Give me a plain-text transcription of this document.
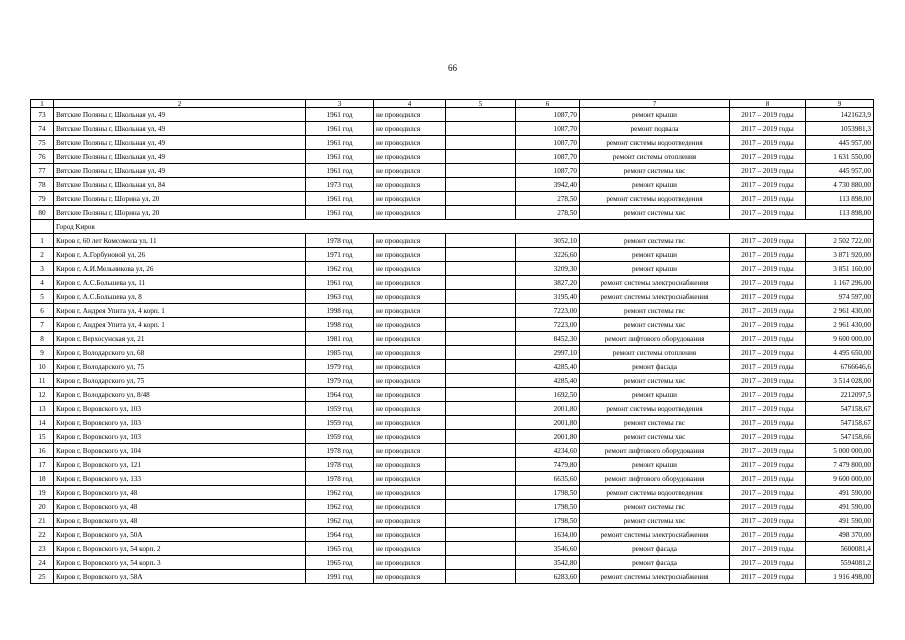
66
1	2	3	4	5	6	7	8	9
73	Вятские Поляны г, Школьная ул, 49	1961 год	не проводился		1087,70	ремонт крыши	2017 – 2019 годы	1421623,9
74	Вятские Поляны г, Школьная ул, 49	1961 год	не проводился		1087,70	ремонт подвала	2017 – 2019 годы	1053981,3
75	Вятские Поляны г, Школьная ул, 49	1961 год	не проводился		1087,70	ремонт системы водоотведения	2017 – 2019 годы	445 957,00
76	Вятские Поляны г, Школьная ул, 49	1961 год	не проводился		1087,70	ремонт системы отопления	2017 – 2019 годы	1 631 550,00
77	Вятские Поляны г, Школьная ул, 49	1961 год	не проводился		1087,70	ремонт системы хвс	2017 – 2019 годы	445 957,00
78	Вятские Поляны г, Школьная ул, 84	1973 год	не проводился		3942,40	ремонт крыши	2017 – 2019 годы	4 730 880,00
79	Вятские Поляны г, Шорина ул, 20	1961 год	не проводился		278,50	ремонт системы водоотведения	2017 – 2019 годы	113 898,00
80	Вятские Поляны г, Шорина ул, 20	1961 год	не проводился		278,50	ремонт системы хвс	2017 – 2019 годы	113 898,00
	Город Киров							
1	Киров г, 60 лет Комсомола ул, 11	1978 год	не проводился		3052,10	ремонт системы гвс	2017 – 2019 годы	2 502 722,00
2	Киров г, А.Горбуновой ул, 26	1971 год	не проводился		3226,60	ремонт крыши	2017 – 2019 годы	3 871 920,00
3	Киров г, А.И.Мельникова ул, 26	1962 год	не проводился		3209,30	ремонт крыши	2017 – 2019 годы	3 851 160,00
4	Киров г, А.С.Большева ул, 11	1961 год	не проводился		3827,20	ремонт системы электроснабжения	2017 – 2019 годы	1 167 296,00
5	Киров г, А.С.Большева ул, 8	1963 год	не проводился		3195,40	ремонт системы электроснабжения	2017 – 2019 годы	974 597,00
6	Киров г, Андрея Упита ул, 4 корп. 1	1998 год	не проводился		7223,00	ремонт системы гвс	2017 – 2019 годы	2 961 430,00
7	Киров г, Андрея Упита ул, 4 корп. 1	1998 год	не проводился		7223,00	ремонт системы хвс	2017 – 2019 годы	2 961 430,00
8	Киров г, Верхосунская ул, 21	1981 год	не проводился		8452,30	ремонт лифтового оборудования	2017 – 2019 годы	9 600 000,00
9	Киров г, Володарского ул, 68	1985 год	не проводился		2997,10	ремонт системы отопления	2017 – 2019 годы	4 495 650,00
10	Киров г, Володарского ул, 75	1979 год	не проводился		4285,40	ремонт фасада	2017 – 2019 годы	6766646,6
11	Киров г, Володарского ул, 75	1979 год	не проводился		4285,40	ремонт системы хвс	2017 – 2019 годы	3 514 028,00
12	Киров г, Володарского ул, 8/48	1964 год	не проводился		1692,50	ремонт крыши	2017 – 2019 годы	2212097,5
13	Киров г, Воровского ул, 103	1959 год	не проводился		2001,80	ремонт системы водоотведения	2017 – 2019 годы	547158,67
14	Киров г, Воровского ул, 103	1959 год	не проводился		2001,80	ремонт системы гвс	2017 – 2019 годы	547158,67
15	Киров г, Воровского ул, 103	1959 год	не проводился		2001,80	ремонт системы хвс	2017 – 2019 годы	547158,66
16	Киров г, Воровского ул, 104	1978 год	не проводился		4234,60	ремонт лифтового оборудования	2017 – 2019 годы	5 000 000,00
17	Киров г, Воровского ул, 121	1978 год	не проводился		7479,80	ремонт крыши	2017 – 2019 годы	7 479 800,00
18	Киров г, Воровского ул, 133	1978 год	не проводился		6635,60	ремонт лифтового оборудования	2017 – 2019 годы	9 600 000,00
19	Киров г, Воровского ул, 48	1962 год	не проводился		1798,50	ремонт системы водоотведения	2017 – 2019 годы	491 590,00
20	Киров г, Воровского ул, 48	1962 год	не проводился		1798,50	ремонт системы гвс	2017 – 2019 годы	491 590,00
21	Киров г, Воровского ул, 48	1962 год	не проводился		1798,50	ремонт системы хвс	2017 – 2019 годы	491 590,00
22	Киров г, Воровского ул, 50А	1964 год	не проводился		1634,00	ремонт системы электроснабжения	2017 – 2019 годы	498 370,00
23	Киров г, Воровского ул, 54 корп. 2	1965 год	не проводился		3546,60	ремонт фасада	2017 – 2019 годы	5600081,4
24	Киров г, Воровского ул, 54 корп. 3	1965 год	не проводился		3542,80	ремонт фасада	2017 – 2019 годы	5594081,2
25	Киров г, Воровского ул, 58А	1991 год	не проводился		6283,60	ремонт системы электроснабжения	2017 – 2019 годы	1 916 498,00
